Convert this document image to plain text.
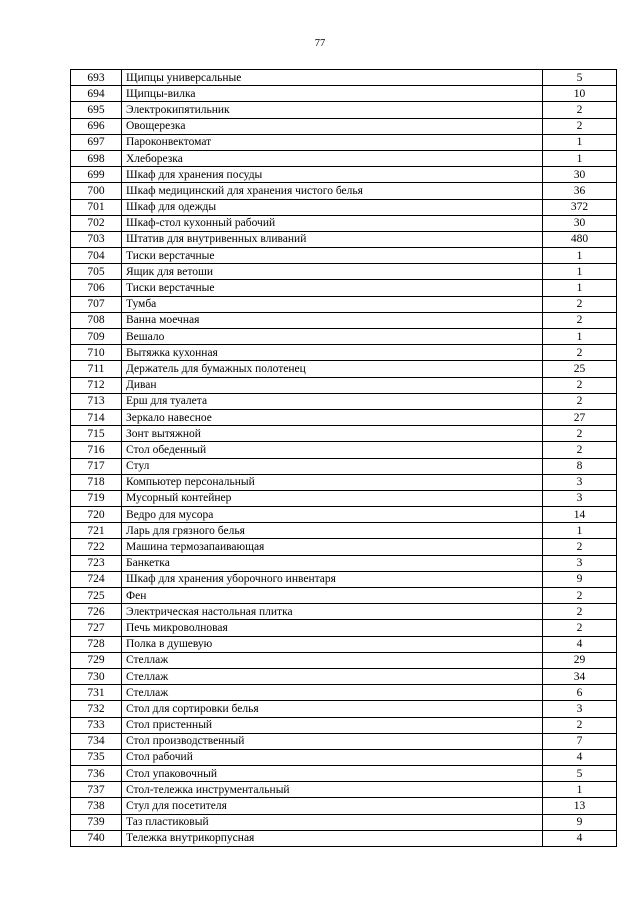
77
693	Щипцы универсальные	5
694	Щипцы-вилка	10
695	Электрокипятильник	2
696	Овощерезка	2
697	Пароконвектомат	1
698	Хлеборезка	1
699	Шкаф для хранения посуды	30
700	Шкаф медицинский для хранения чистого белья	36
701	Шкаф для одежды	372
702	Шкаф-стол кухонный рабочий	30
703	Штатив для внутривенных вливаний	480
704	Тиски верстачные	1
705	Ящик для ветоши	1
706	Тиски верстачные	1
707	Тумба	2
708	Ванна моечная	2
709	Вешало	1
710	Вытяжка кухонная	2
711	Держатель для бумажных полотенец	25
712	Диван	2
713	Ерш для туалета	2
714	Зеркало навесное	27
715	Зонт вытяжной	2
716	Стол обеденный	2
717	Стул	8
718	Компьютер персональный	3
719	Мусорный контейнер	3
720	Ведро для мусора	14
721	Ларь для грязного белья	1
722	Машина термозапаивающая	2
723	Банкетка	3
724	Шкаф для хранения уборочного инвентаря	9
725	Фен	2
726	Электрическая настольная плитка	2
727	Печь микроволновая	2
728	Полка в душевую	4
729	Стеллаж	29
730	Стеллаж	34
731	Стеллаж	6
732	Стол для сортировки белья	3
733	Стол пристенный	2
734	Стол производственный	7
735	Стол рабочий	4
736	Стол упаковочный	5
737	Стол-тележка инструментальный	1
738	Стул для посетителя	13
739	Таз пластиковый	9
740	Тележка внутрикорпусная	4
